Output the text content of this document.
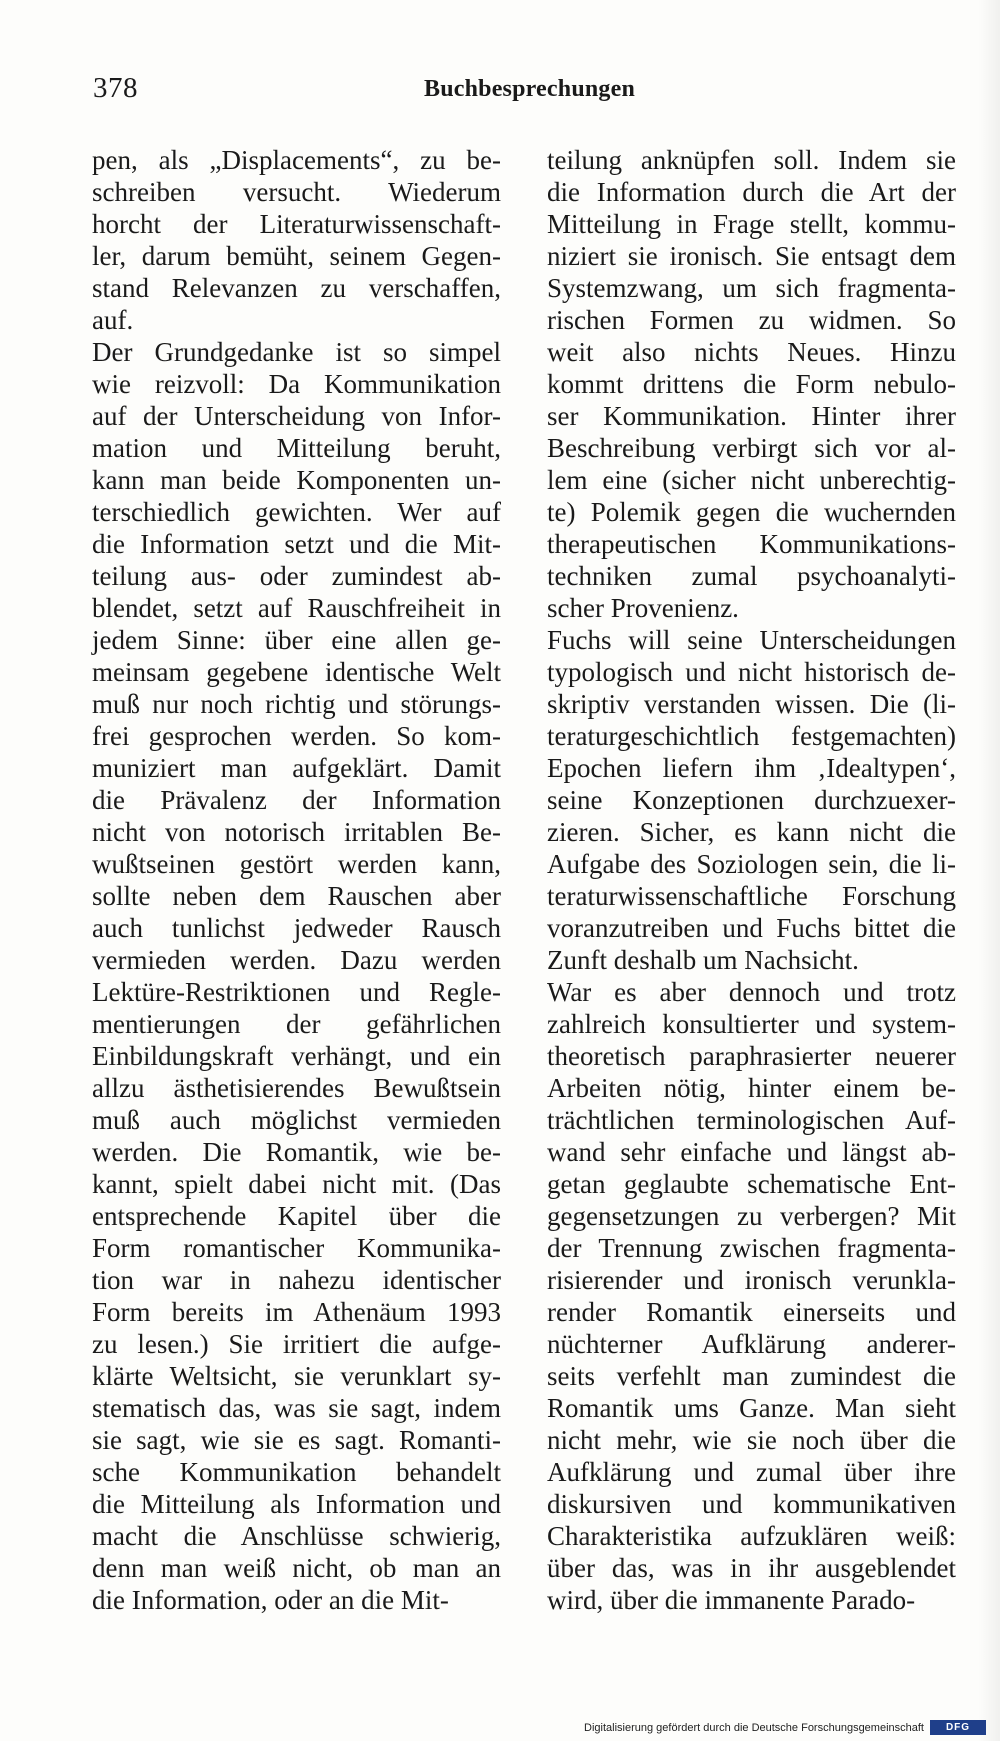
378	Buchbesprechungen
pen, als „Displacements“, zu be-
schreiben versucht. Wiederum
horcht der Literaturwissenschaft-
ler, darum bemüht, seinem Gegen-
stand Relevanzen zu verschaffen,
auf.
Der Grundgedanke ist so simpel
wie reizvoll: Da Kommunikation
auf der Unterscheidung von Infor-
mation und Mitteilung beruht,
kann man beide Komponenten un-
terschiedlich gewichten. Wer auf
die Information setzt und die Mit-
teilung aus- oder zumindest ab-
blendet, setzt auf Rauschfreiheit in
jedem Sinne: über eine allen ge-
meinsam gegebene identische Welt
muß nur noch richtig und störungs-
frei gesprochen werden. So kom-
muniziert man aufgeklärt. Damit
die Prävalenz der Information
nicht von notorisch irritablen Be-
wußtseinen gestört werden kann,
sollte neben dem Rauschen aber
auch tunlichst jedweder Rausch
vermieden werden. Dazu werden
Lektüre-Restriktionen und Regle-
mentierungen der gefährlichen
Einbildungskraft verhängt, und ein
allzu ästhetisierendes Bewußtsein
muß auch möglichst vermieden
werden. Die Romantik, wie be-
kannt, spielt dabei nicht mit. (Das
entsprechende Kapitel über die
Form romantischer Kommunika-
tion war in nahezu identischer
Form bereits im Athenäum 1993
zu lesen.) Sie irritiert die aufge-
klärte Weltsicht, sie verunklart sy-
stematisch das, was sie sagt, indem
sie sagt, wie sie es sagt. Romanti-
sche Kommunikation behandelt
die Mitteilung als Information und
macht die Anschlüsse schwierig,
denn man weiß nicht, ob man an
die Information, oder an die Mit-
teilung anknüpfen soll. Indem sie
die Information durch die Art der
Mitteilung in Frage stellt, kommu-
niziert sie ironisch. Sie entsagt dem
Systemzwang, um sich fragmenta-
rischen Formen zu widmen. So
weit also nichts Neues. Hinzu
kommt drittens die Form nebulo-
ser Kommunikation. Hinter ihrer
Beschreibung verbirgt sich vor al-
lem eine (sicher nicht unberechtig-
te) Polemik gegen die wuchernden
therapeutischen Kommunikations-
techniken zumal psychoanalyti-
scher Provenienz.
Fuchs will seine Unterscheidungen
typologisch und nicht historisch de-
skriptiv verstanden wissen. Die (li-
teraturgeschichtlich festgemachten)
Epochen liefern ihm ‚Idealtypen‘,
seine Konzeptionen durchzuexer-
zieren. Sicher, es kann nicht die
Aufgabe des Soziologen sein, die li-
teraturwissenschaftliche Forschung
voranzutreiben und Fuchs bittet die
Zunft deshalb um Nachsicht.
War es aber dennoch und trotz
zahlreich konsultierter und system-
theoretisch paraphrasierter neuerer
Arbeiten nötig, hinter einem be-
trächtlichen terminologischen Auf-
wand sehr einfache und längst ab-
getan geglaubte schematische Ent-
gegensetzungen zu verbergen? Mit
der Trennung zwischen fragmenta-
risierender und ironisch verunkla-
render Romantik einerseits und
nüchterner Aufklärung anderer-
seits verfehlt man zumindest die
Romantik ums Ganze. Man sieht
nicht mehr, wie sie noch über die
Aufklärung und zumal über ihre
diskursiven und kommunikativen
Charakteristika aufzuklären weiß:
über das, was in ihr ausgeblendet
wird, über die immanente Parado-
Digitalisierung gefördert durch die Deutsche Forschungsgemeinschaft	DFG
